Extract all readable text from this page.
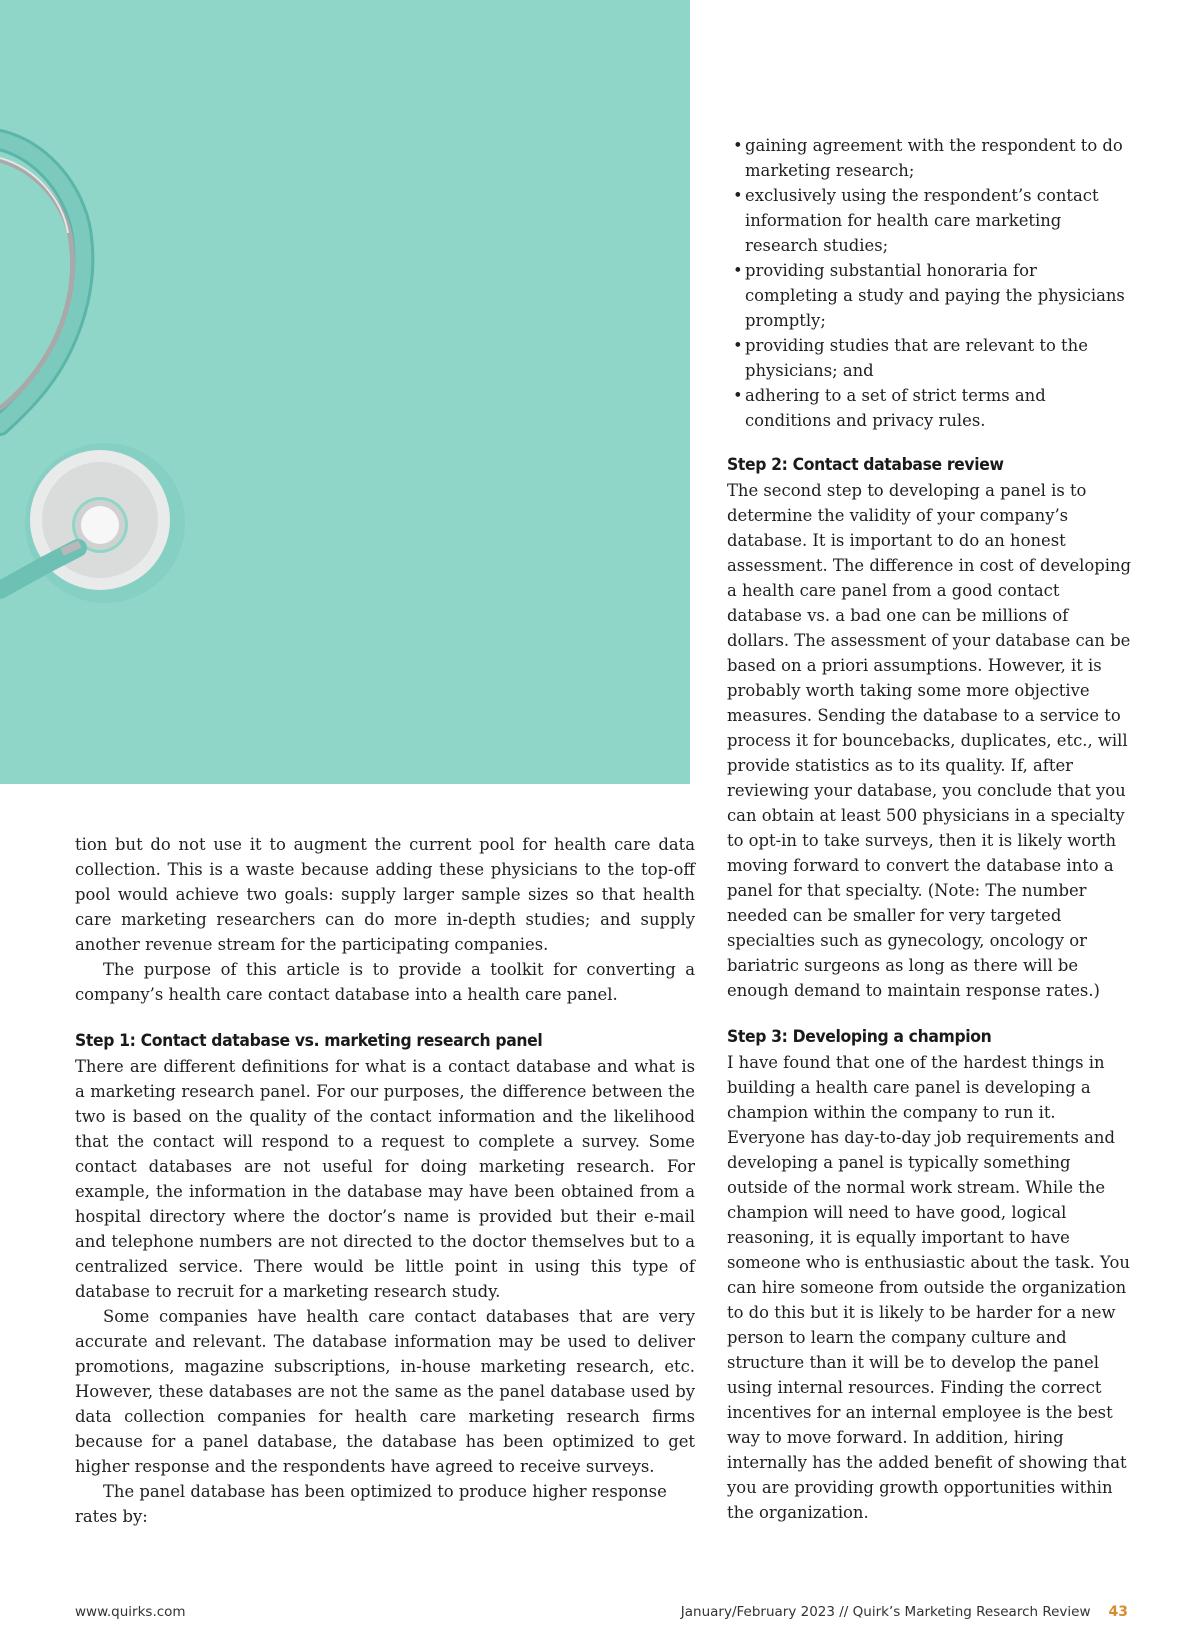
tion but do not use it to augment the current pool for health care data collection. This is a waste because adding these physicians to the top-off pool would achieve two goals: supply larger sample sizes so that health care marketing researchers can do more in-depth studies; and supply another revenue stream for the participating companies.

The purpose of this article is to provide a toolkit for converting a company’s health care contact database into a health care panel.

Step 1: Contact database vs. marketing research panel

There are different definitions for what is a contact database and what is a marketing research panel. For our purposes, the difference between the two is based on the quality of the contact information and the likelihood that the contact will respond to a request to complete a survey. Some contact databases are not useful for doing marketing research. For example, the information in the database may have been obtained from a hospital directory where the doctor’s name is provided but their e-mail and telephone numbers are not directed to the doctor themselves but to a centralized service. There would be little point in using this type of database to recruit for a marketing research study.

Some companies have health care contact databases that are very accurate and relevant. The database information may be used to deliver promotions, magazine subscriptions, in-house marketing research, etc. However, these databases are not the same as the panel database used by data collection companies for health care marketing research firms because for a panel database, the database has been optimized to get higher response and the respondents have agreed to receive surveys.

The panel database has been optimized to produce higher response rates by:

• gaining agreement with the respondent to do marketing research;
• exclusively using the respondent’s contact information for health care marketing research studies;
• providing substantial honoraria for completing a study and paying the physicians promptly;
• providing studies that are relevant to the physicians; and
• adhering to a set of strict terms and conditions and privacy rules.
Step 2: Contact database review

The second step to developing a panel is to determine the validity of your company’s database. It is important to do an honest assessment. The difference in cost of developing a health care panel from a good contact database vs. a bad one can be millions of dollars. The assessment of your database can be based on a priori assumptions. However, it is probably worth taking some more objective measures. Sending the database to a service to process it for bouncebacks, duplicates, etc., will provide statistics as to its quality. If, after reviewing your database, you conclude that you can obtain at least 500 physicians in a specialty to opt-in to take surveys, then it is likely worth moving forward to convert the database into a panel for that specialty. (Note: The number needed can be smaller for very targeted specialties such as gynecology, oncology or bariatric surgeons as long as there will be enough demand to maintain response rates.)

Step 3: Developing a champion

I have found that one of the hardest things in building a health care panel is developing a champion within the company to run it. Everyone has day-to-day job requirements and developing a panel is typically something outside of the normal work stream. While the champion will need to have good, logical reasoning, it is equally important to have someone who is enthusiastic about the task. You can hire someone from outside the organization to do this but it is likely to be harder for a new person to learn the company culture and structure than it will be to develop the panel using internal resources. Finding the correct incentives for an internal employee is the best way to move forward. In addition, hiring internally has the added benefit of showing that you are providing growth opportunities within the organization.

www.quirks.com	January/February 2023 // Quirk’s Marketing Research Review 43
